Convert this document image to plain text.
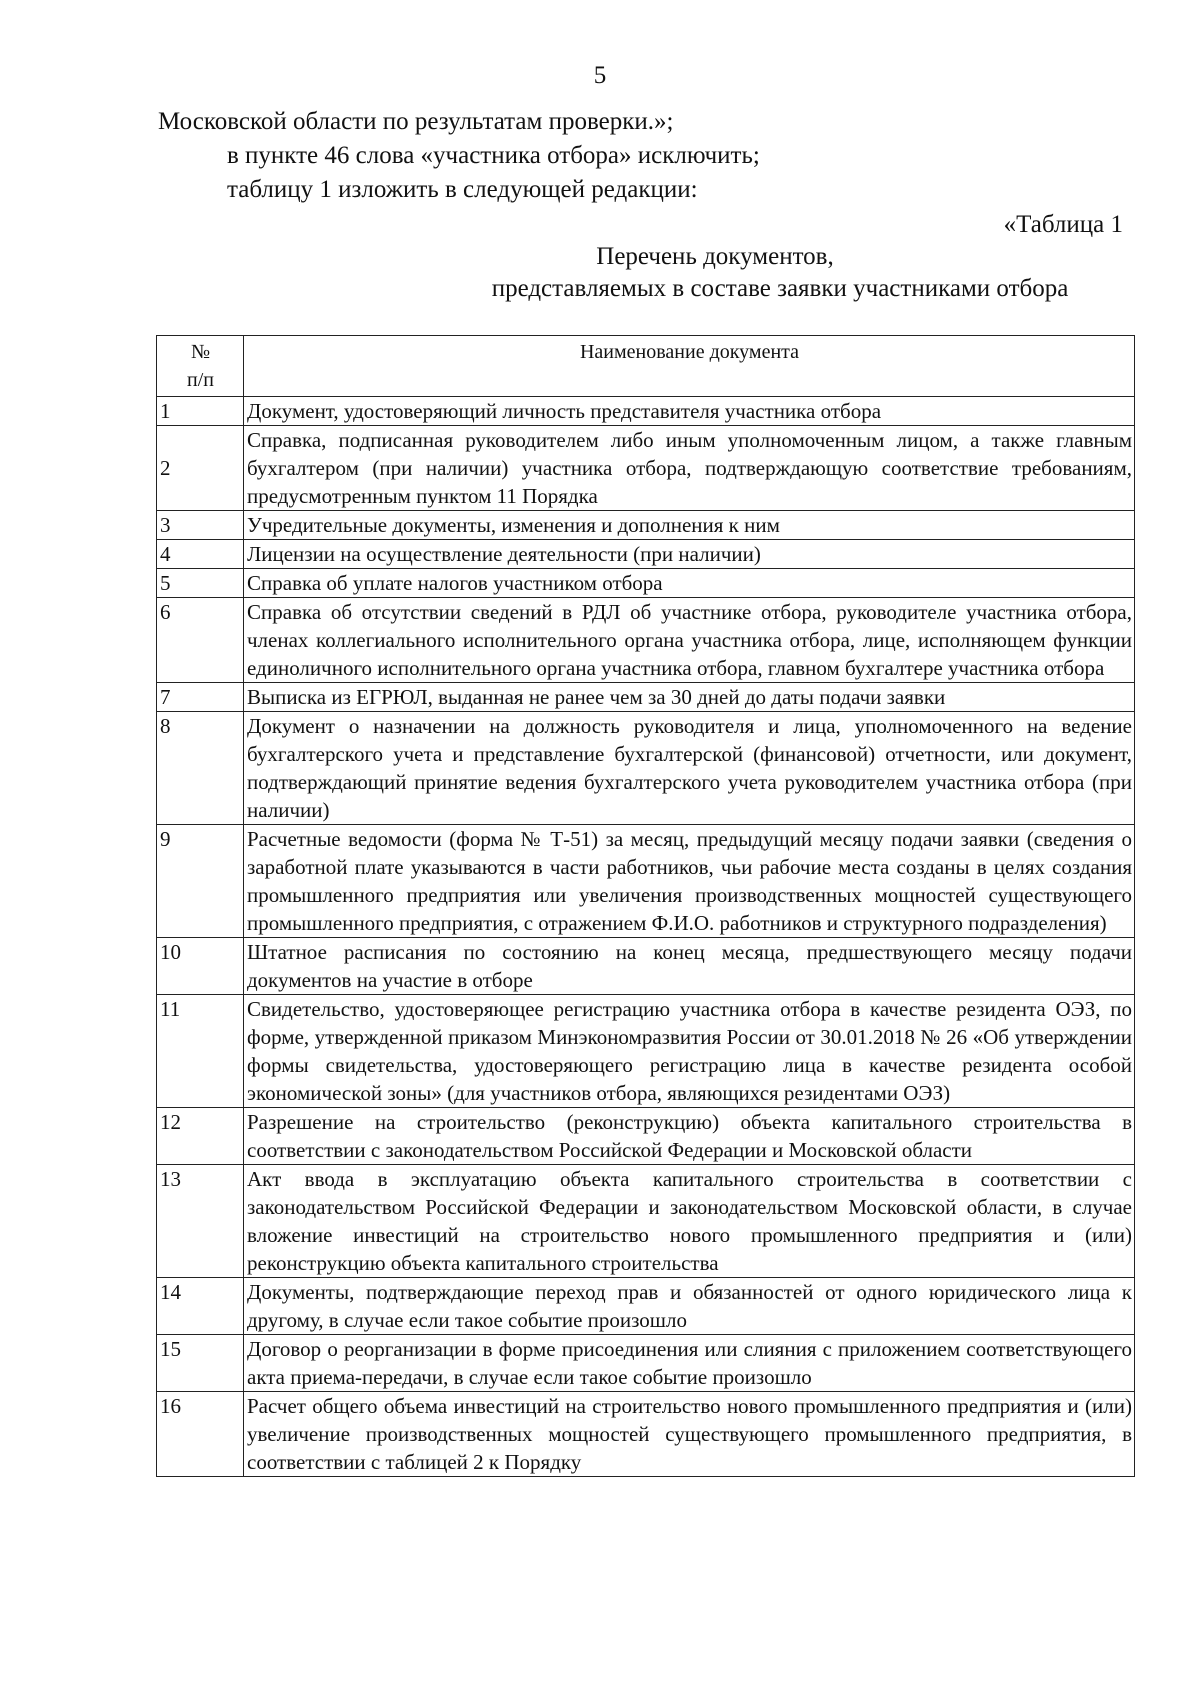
5
Московской области по результатам проверки.»;
в пункте 46 слова «участника отбора» исключить;
таблицу 1 изложить в следующей редакции:
«Таблица 1
Перечень документов,
представляемых в составе заявки участниками отбора
№
п/п	Наименование документа
1	Документ, удостоверяющий личность представителя участника отбора
2	Справка, подписанная руководителем либо иным уполномоченным лицом, а также главным бухгалтером (при наличии) участника отбора, подтверждающую соответствие требованиям, предусмотренным пунктом 11 Порядка
3	Учредительные документы, изменения и дополнения к ним
4	Лицензии на осуществление деятельности (при наличии)
5	Справка об уплате налогов участником отбора
6	Справка об отсутствии сведений в РДЛ об участнике отбора, руководителе участника отбора, членах коллегиального исполнительного органа участника отбора, лице, исполняющем функции единоличного исполнительного органа участника отбора, главном бухгалтере участника отбора
7	Выписка из ЕГРЮЛ, выданная не ранее чем за 30 дней до даты подачи заявки
8	Документ о назначении на должность руководителя и лица, уполномоченного на ведение бухгалтерского учета и представление бухгалтерской (финансовой) отчетности, или документ, подтверждающий принятие ведения бухгалтерского учета руководителем участника отбора (при наличии)
9	Расчетные ведомости (форма № Т-51) за месяц, предыдущий месяцу подачи заявки (сведения о заработной плате указываются в части работников, чьи рабочие места созданы в целях создания промышленного предприятия или увеличения производственных мощностей существующего промышленного предприятия, с отражением Ф.И.О. работников и структурного подразделения)
10	Штатное расписания по состоянию на конец месяца, предшествующего месяцу подачи документов на участие в отборе
11	Свидетельство, удостоверяющее регистрацию участника отбора в качестве резидента ОЭЗ, по форме, утвержденной приказом Минэкономразвития России от 30.01.2018 № 26 «Об утверждении формы свидетельства, удостоверяющего регистрацию лица в качестве резидента особой экономической зоны» (для участников отбора, являющихся резидентами ОЭЗ)
12	Разрешение на строительство (реконструкцию) объекта капитального строительства в соответствии с законодательством Российской Федерации и Московской области
13	Акт ввода в эксплуатацию объекта капитального строительства в соответствии с законодательством Российской Федерации и законодательством Московской области, в случае вложение инвестиций на строительство нового промышленного предприятия и (или) реконструкцию объекта капитального строительства
14	Документы, подтверждающие переход прав и обязанностей от одного юридического лица к другому, в случае если такое событие произошло
15	Договор о реорганизации в форме присоединения или слияния с приложением соответствующего акта приема-передачи, в случае если такое событие произошло
16	Расчет общего объема инвестиций на строительство нового промышленного предприятия и (или) увеличение производственных мощностей существующего промышленного предприятия, в соответствии с таблицей 2 к Порядку
